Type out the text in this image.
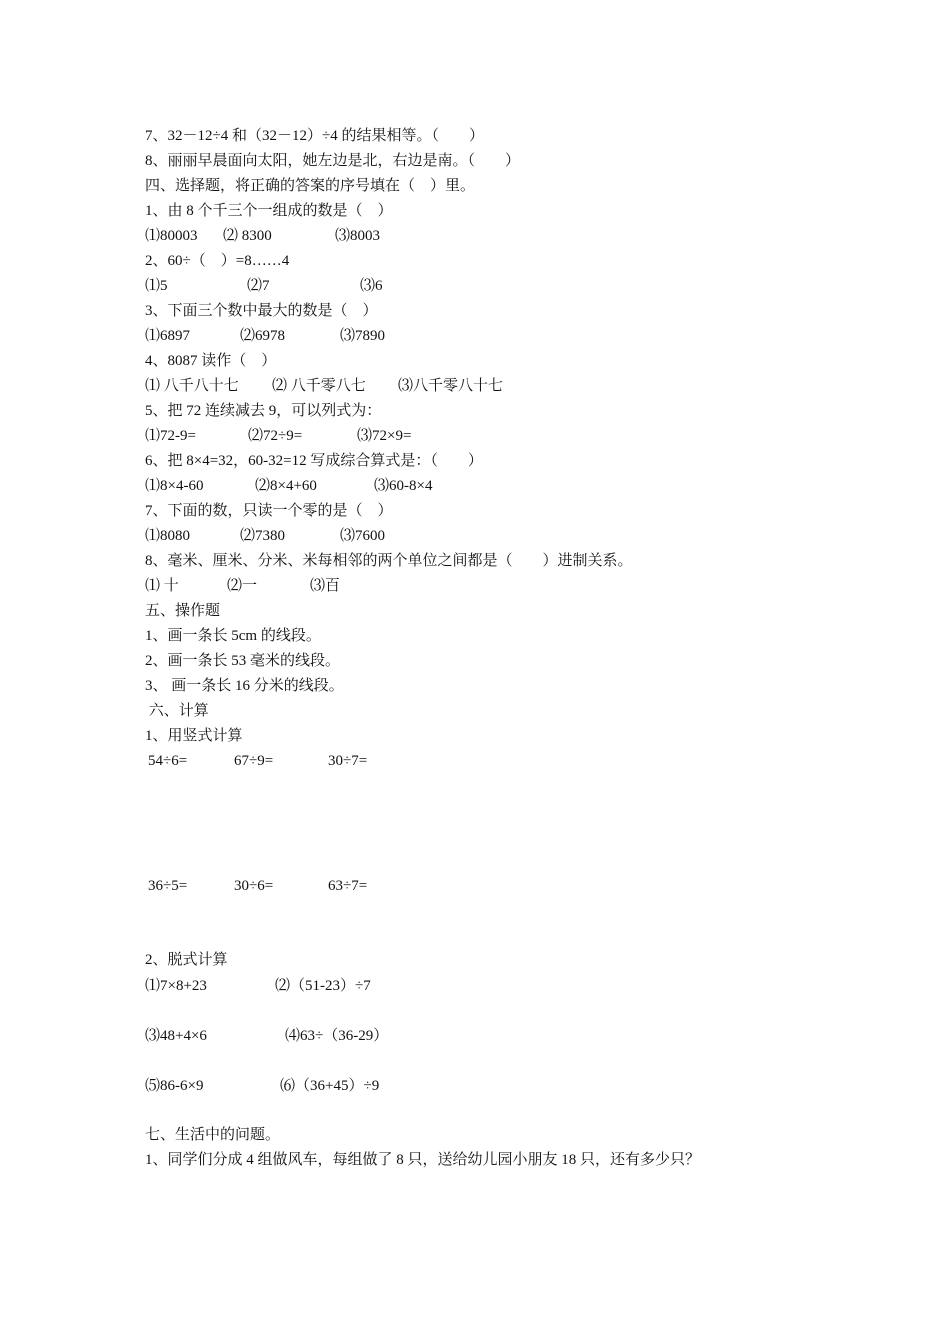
7、32－12÷4 和（32－12）÷4 的结果相等。（　　）
8、丽丽早晨面向太阳，她左边是北，右边是南。（　　）
四、选择题，将正确的答案的序号填在（　）里。
1、由 8 个千三个一组成的数是（　）
⑴80003 ⑵ 8300	⑶8003
2、60÷（　）=8……4
⑴5	⑵7	⑶6
3、下面三个数中最大的数是（　）
⑴6897	⑵6978	⑶7890
4、8087 读作（　）
⑴ 八千八十七 ⑵ 八千零八七 ⑶八千零八十七
5、把 72 连续减去 9，可以列式为：
⑴72-9=	⑵72÷9=	⑶72×9=
6、把 8×4=32，60-32=12 写成综合算式是：（　　）
⑴8×4-60	⑵8×4+60	⑶60-8×4
7、下面的数，只读一个零的是（　）
⑴8080	⑵7380	⑶7600
8、毫米、厘米、分米、米每相邻的两个单位之间都是（　　）进制关系。
⑴ 十	⑵一	⑶百
五、操作题
1、画一条长 5cm 的线段。
2、画一条长 53 毫米的线段。
3、 画一条长 16 分米的线段。
六、计算
1、用竖式计算
54÷6=	67÷9=	30÷7=
36÷5=	30÷6=	63÷7=
2、脱式计算
⑴7×8+23	⑵（51-23）÷7
⑶48+4×6	⑷63÷（36-29）
⑸86-6×9	⑹（36+45）÷9
七、生活中的问题。
1、同学们分成 4 组做风车，每组做了 8 只，送给幼儿园小朋友 18 只，还有多少只？
